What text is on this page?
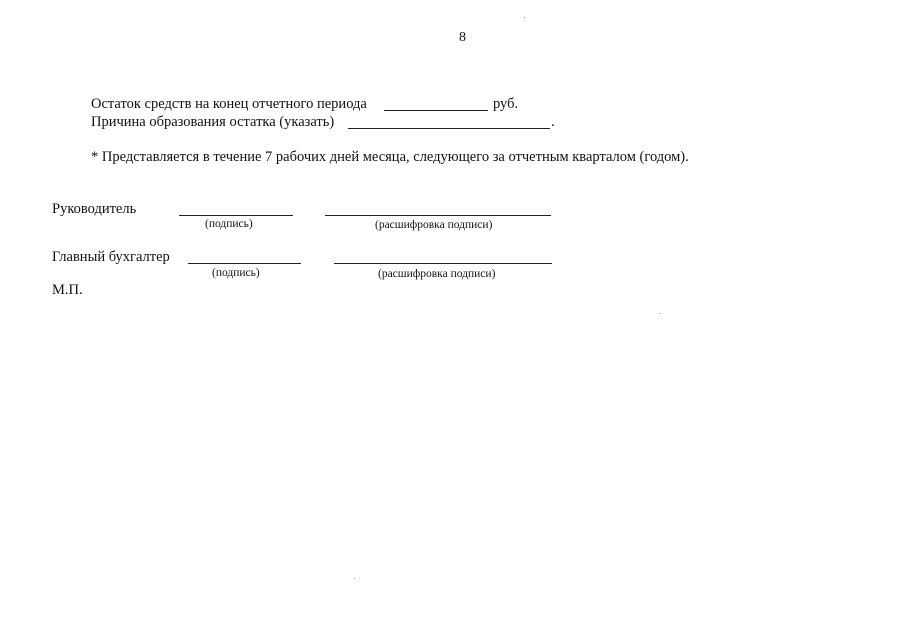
8
Остаток средств на конец отчетного периода	руб.
Причина образования остатка (указать)	.
* Представляется в течение 7 рабочих дней месяца, следующего за отчетным кварталом (годом).
Руководитель
(подпись)	(расшифровка подписи)
Главный бухгалтер
(подпись)	(расшифровка подписи)
М.П.
